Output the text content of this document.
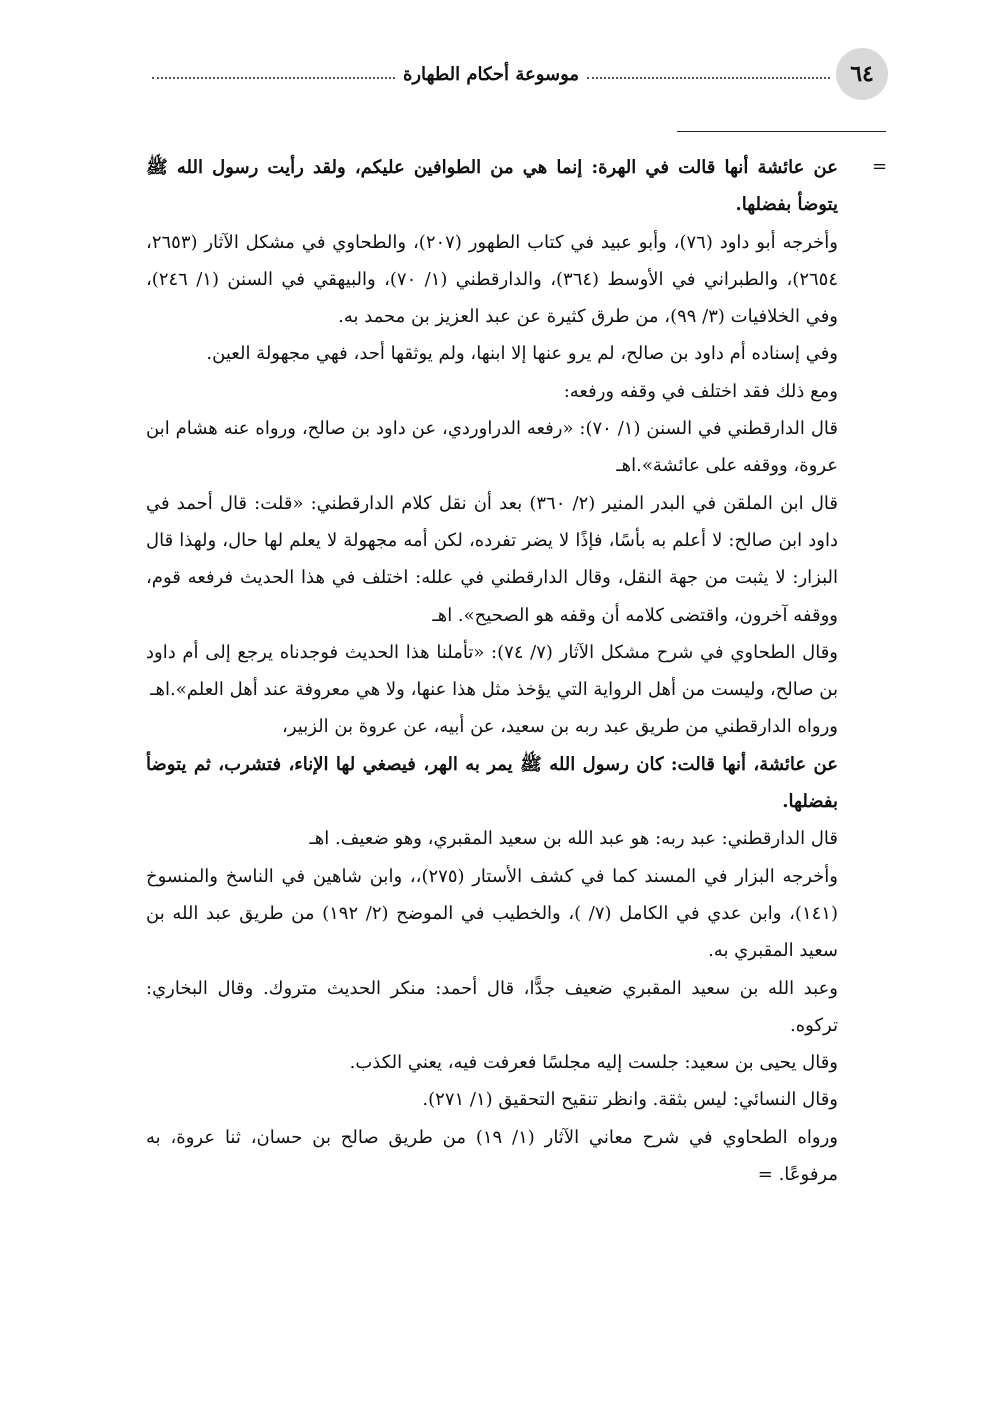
٦٤
موسوعة أحكام الطهارة
=

عن عائشة أنها قالت في الهرة: إنما هي من الطوافين عليكم، ولقد رأيت رسول الله ﷺ يتوضأ بفضلها.

وأخرجه أبو داود (٧٦)، وأبو عبيد في كتاب الطهور (٢٠٧)، والطحاوي في مشكل الآثار (٢٦٥٣، ٢٦٥٤)، والطبراني في الأوسط (٣٦٤)، والدارقطني (١/ ٧٠)، والبيهقي في السنن (١/ ٢٤٦)، وفي الخلافيات (٣/ ٩٩)، من طرق كثيرة عن عبد العزيز بن محمد به.

وفي إسناده أم داود بن صالح، لم يرو عنها إلا ابنها، ولم يوثقها أحد، فهي مجهولة العين.

ومع ذلك فقد اختلف في وقفه ورفعه:

قال الدارقطني في السنن (١/ ٧٠): «رفعه الدراوردي، عن داود بن صالح، ورواه عنه هشام ابن عروة، ووقفه على عائشة».اهـ

قال ابن الملقن في البدر المنير (٢/ ٣٦٠) بعد أن نقل كلام الدارقطني: «قلت: قال أحمد في داود ابن صالح: لا أعلم به بأسًا، فإذًا لا يضر تفرده، لكن أمه مجهولة لا يعلم لها حال، ولهذا قال البزار: لا يثبت من جهة النقل، وقال الدارقطني في علله: اختلف في هذا الحديث فرفعه قوم، ووقفه آخرون، واقتضى كلامه أن وقفه هو الصحيح». اهـ

وقال الطحاوي في شرح مشكل الآثار (٧/ ٧٤): «تأملنا هذا الحديث فوجدناه يرجع إلى أم داود بن صالح، وليست من أهل الرواية التي يؤخذ مثل هذا عنها، ولا هي معروفة عند أهل العلم».اهـ

ورواه الدارقطني من طريق عبد ربه بن سعيد، عن أبيه، عن عروة بن الزبير،

عن عائشة، أنها قالت: كان رسول الله ﷺ يمر به الهر، فيصغي لها الإناء، فتشرب، ثم يتوضأ بفضلها.

قال الدارقطني: عبد ربه: هو عبد الله بن سعيد المقبري، وهو ضعيف. اهـ

وأخرجه البزار في المسند كما في كشف الأستار (٢٧٥)،، وابن شاهين في الناسخ والمنسوخ (١٤١)، وابن عدي في الكامل (٧/ )، والخطيب في الموضح (٢/ ١٩٢) من طريق عبد الله بن سعيد المقبري به.

وعبد الله بن سعيد المقبري ضعيف جدًّا، قال أحمد: منكر الحديث متروك. وقال البخاري: تركوه.

وقال يحيى بن سعيد: جلست إليه مجلسًا فعرفت فيه، يعني الكذب.

وقال النسائي: ليس بثقة. وانظر تنقيح التحقيق (١/ ٢٧١).

ورواه الطحاوي في شرح معاني الآثار (١/ ١٩) من طريق صالح بن حسان، ثنا عروة، به مرفوعًا. =
